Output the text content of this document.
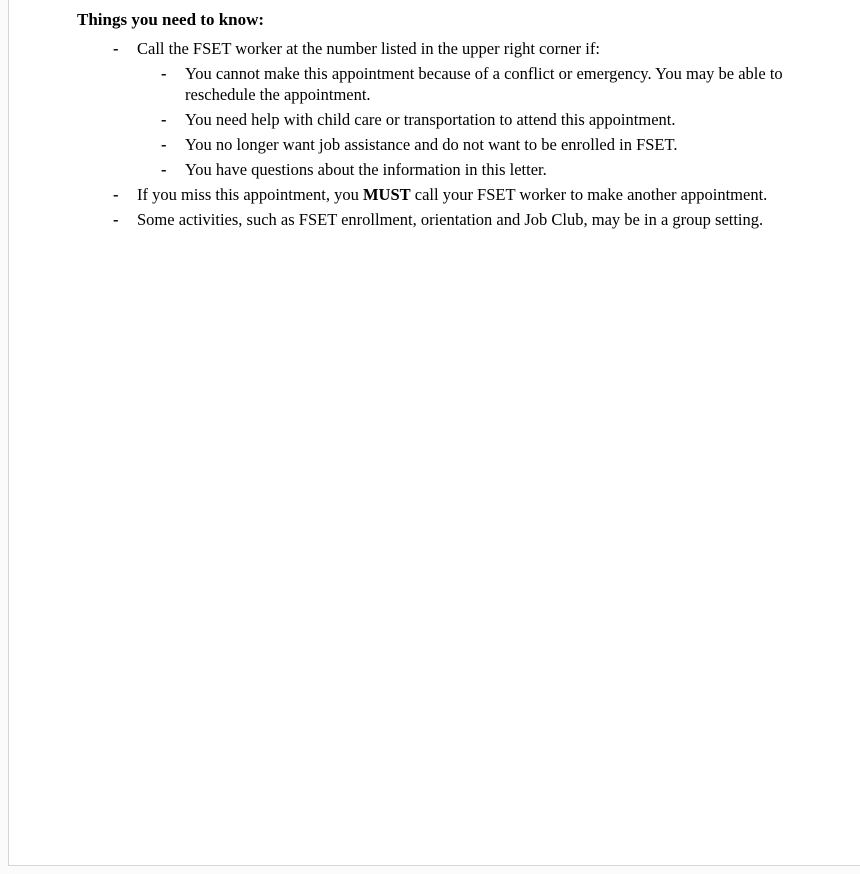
Things you need to know:

-	Call the FSET worker at the number listed in the upper right corner if:
-	You cannot make this appointment because of a conflict or emergency. You may be able to reschedule the appointment.
-	You need help with child care or transportation to attend this appointment.
-	You no longer want job assistance and do not want to be enrolled in FSET.
-	You have questions about the information in this letter.
-	If you miss this appointment, you MUST call your FSET worker to make another appointment.
-	Some activities, such as FSET enrollment, orientation and Job Club, may be in a group setting.
